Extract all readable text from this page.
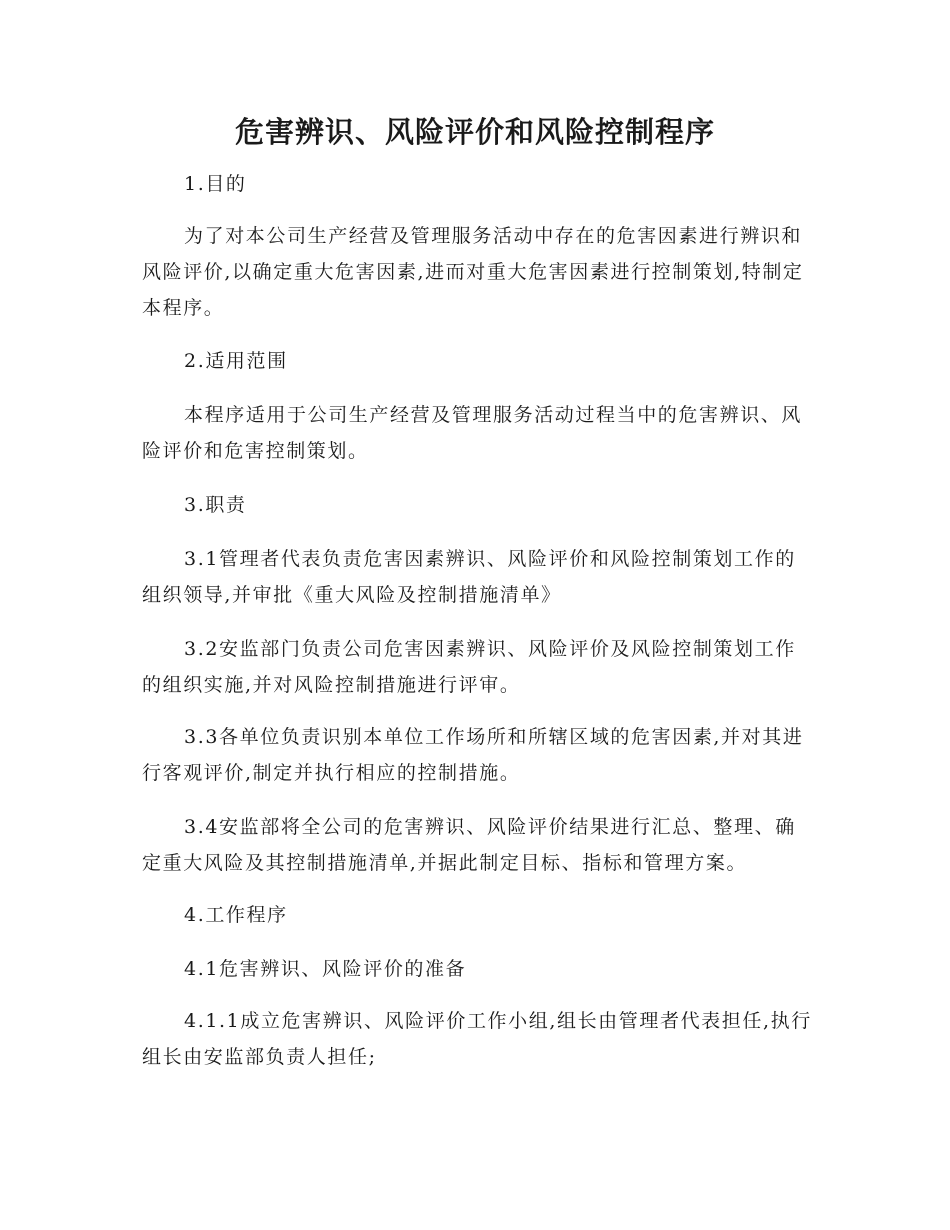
危害辨识、风险评价和风险控制程序

1.目的

为了对本公司生产经营及管理服务活动中存在的危害因素进行辨识和风险评价,以确定重大危害因素,进而对重大危害因素进行控制策划,特制定本程序。

2.适用范围

本程序适用于公司生产经营及管理服务活动过程当中的危害辨识、风险评价和危害控制策划。

3.职责

3.1管理者代表负责危害因素辨识、风险评价和风险控制策划工作的组织领导,并审批《重大风险及控制措施清单》

3.2安监部门负责公司危害因素辨识、风险评价及风险控制策划工作的组织实施,并对风险控制措施进行评审。

3.3各单位负责识别本单位工作场所和所辖区域的危害因素,并对其进行客观评价,制定并执行相应的控制措施。

3.4安监部将全公司的危害辨识、风险评价结果进行汇总、整理、确定重大风险及其控制措施清单,并据此制定目标、指标和管理方案。

4.工作程序

4.1危害辨识、风险评价的准备

4.1.1成立危害辨识、风险评价工作小组,组长由管理者代表担任,执行组长由安监部负责人担任;
